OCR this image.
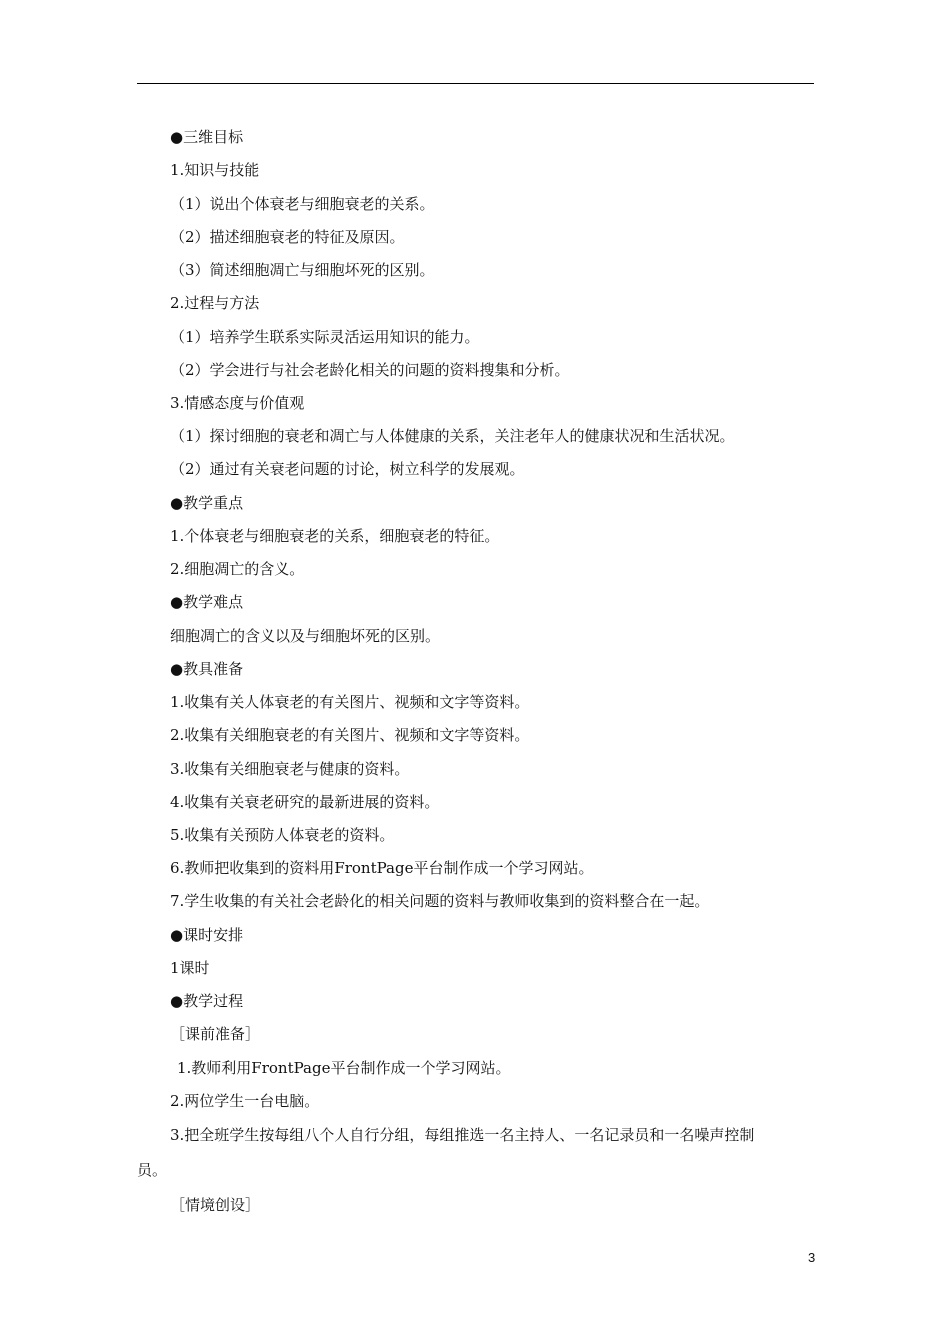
●三维目标
1.知识与技能
（1）说出个体衰老与细胞衰老的关系。
（2）描述细胞衰老的特征及原因。
（3）简述细胞凋亡与细胞坏死的区别。
2.过程与方法
（1）培养学生联系实际灵活运用知识的能力。
（2）学会进行与社会老龄化相关的问题的资料搜集和分析。
3.情感态度与价值观
（1）探讨细胞的衰老和凋亡与人体健康的关系，关注老年人的健康状况和生活状况。
（2）通过有关衰老问题的讨论，树立科学的发展观。
●教学重点
1.个体衰老与细胞衰老的关系，细胞衰老的特征。
2.细胞凋亡的含义。
●教学难点
细胞凋亡的含义以及与细胞坏死的区别。
●教具准备
1.收集有关人体衰老的有关图片、视频和文字等资料。
2.收集有关细胞衰老的有关图片、视频和文字等资料。
3.收集有关细胞衰老与健康的资料。
4.收集有关衰老研究的最新进展的资料。
5.收集有关预防人体衰老的资料。
6.教师把收集到的资料用FrontPage平台制作成一个学习网站。
7.学生收集的有关社会老龄化的相关问题的资料与教师收集到的资料整合在一起。
●课时安排
1课时
●教学过程
［课前准备］
1.教师利用FrontPage平台制作成一个学习网站。
2.两位学生一台电脑。
3.把全班学生按每组八个人自行分组，每组推选一名主持人、一名记录员和一名噪声控制
员。
［情境创设］
3
